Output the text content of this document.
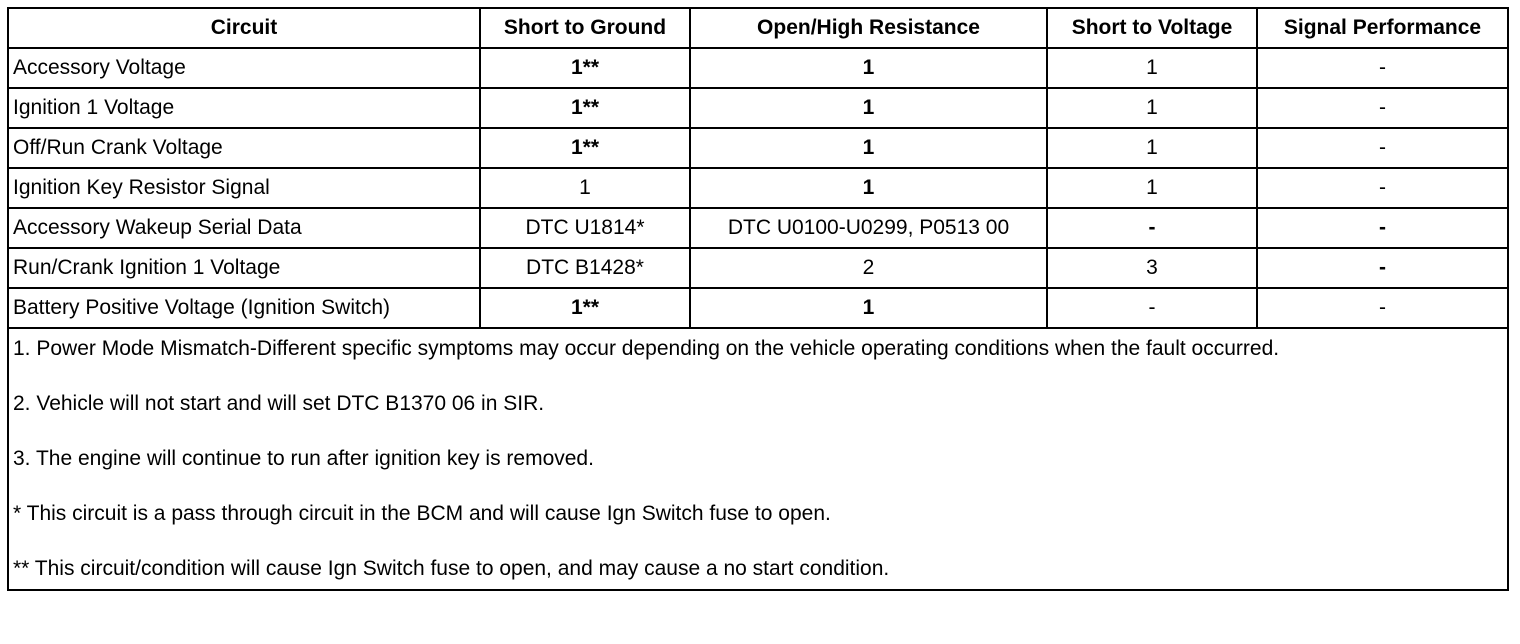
Circuit	Short to Ground	Open/High Resistance	Short to Voltage	Signal Performance
Accessory Voltage	1**	1	1	-
Ignition 1 Voltage	1**	1	1	-
Off/Run Crank Voltage	1**	1	1	-
Ignition Key Resistor Signal	1	1	1	-
Accessory Wakeup Serial Data	DTC U1814*	DTC U0100-U0299, P0513 00	-	-
Run/Crank Ignition 1 Voltage	DTC B1428*	2	3	-
Battery Positive Voltage (Ignition Switch)	1**	1	-	-

1. Power Mode Mismatch-Different specific symptoms may occur depending on the vehicle operating conditions when the fault occurred.

2. Vehicle will not start and will set DTC B1370 06 in SIR.

3. The engine will continue to run after ignition key is removed.

* This circuit is a pass through circuit in the BCM and will cause Ign Switch fuse to open.

** This circuit/condition will cause Ign Switch fuse to open, and may cause a no start condition.				
